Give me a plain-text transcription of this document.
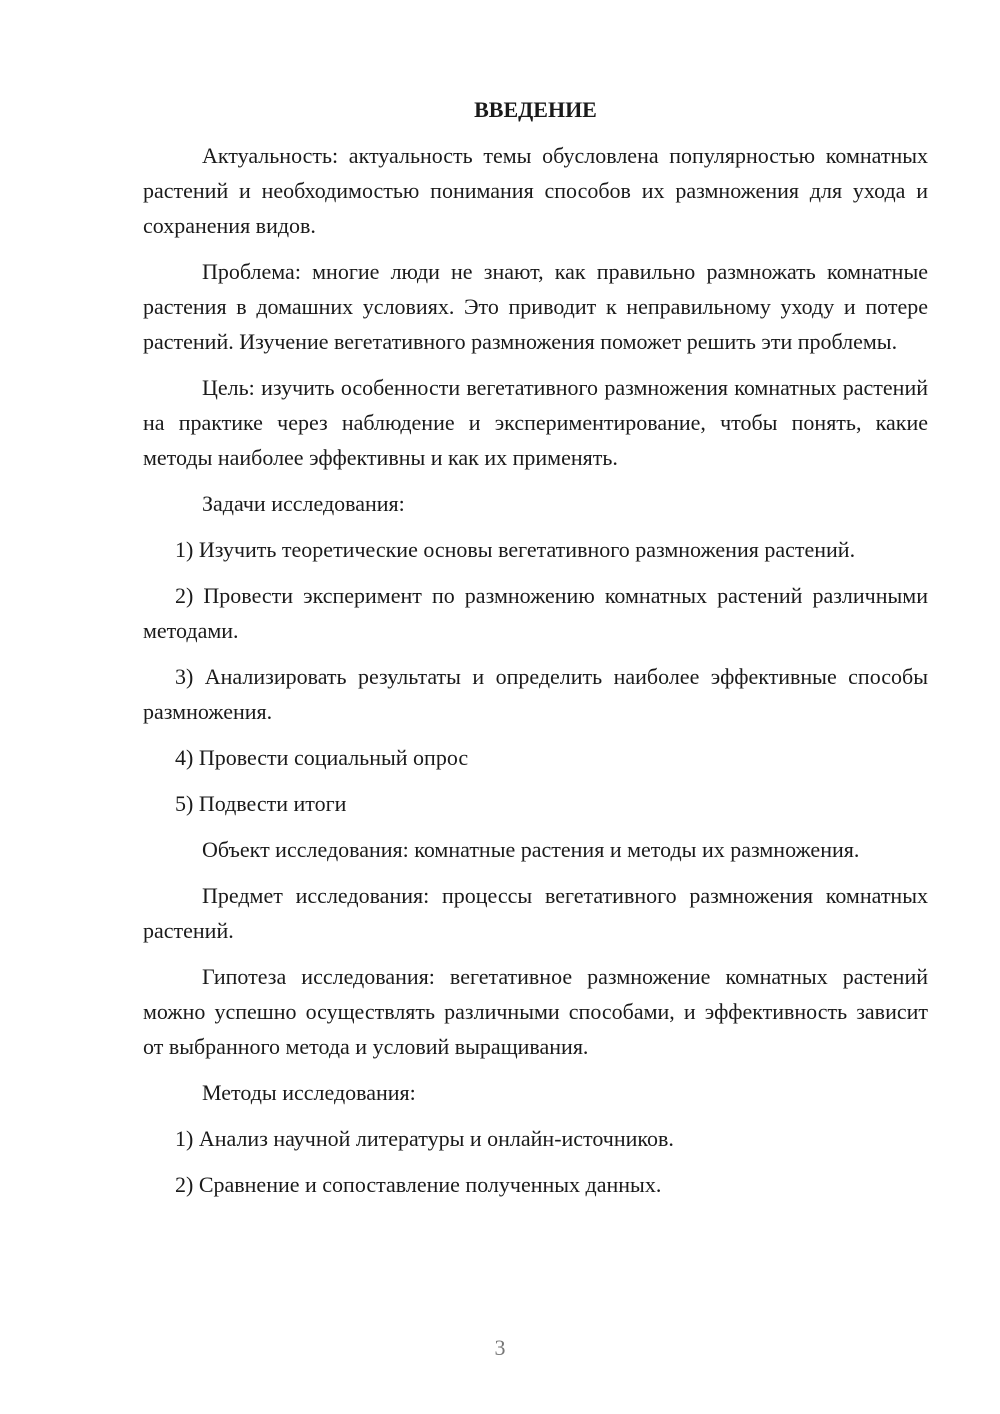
ВВЕДЕНИЕ

Актуальность: актуальность темы обусловлена популярностью комнатных растений и необходимостью понимания способов их размножения для ухода и сохранения видов.

Проблема: многие люди не знают, как правильно размножать комнатные растения в домашних условиях. Это приводит к неправильному уходу и потере растений. Изучение вегетативного размножения поможет решить эти проблемы.

Цель: изучить особенности вегетативного размножения комнатных растений на практике через наблюдение и экспериментирование, чтобы понять, какие методы наиболее эффективны и как их применять.

Задачи исследования:

1) Изучить теоретические основы вегетативного размножения растений.

2) Провести эксперимент по размножению комнатных растений различными методами.

3) Анализировать результаты и определить наиболее эффективные способы размножения.

4) Провести социальный опрос

5) Подвести итоги

Объект исследования: комнатные растения и методы их размножения.

Предмет исследования: процессы вегетативного размножения комнатных растений.

Гипотеза исследования: вегетативное размножение комнатных растений можно успешно осуществлять различными способами, и эффективность зависит от выбранного метода и условий выращивания.

Методы исследования:

1) Анализ научной литературы и онлайн-источников.

2) Сравнение и сопоставление полученных данных.

3
